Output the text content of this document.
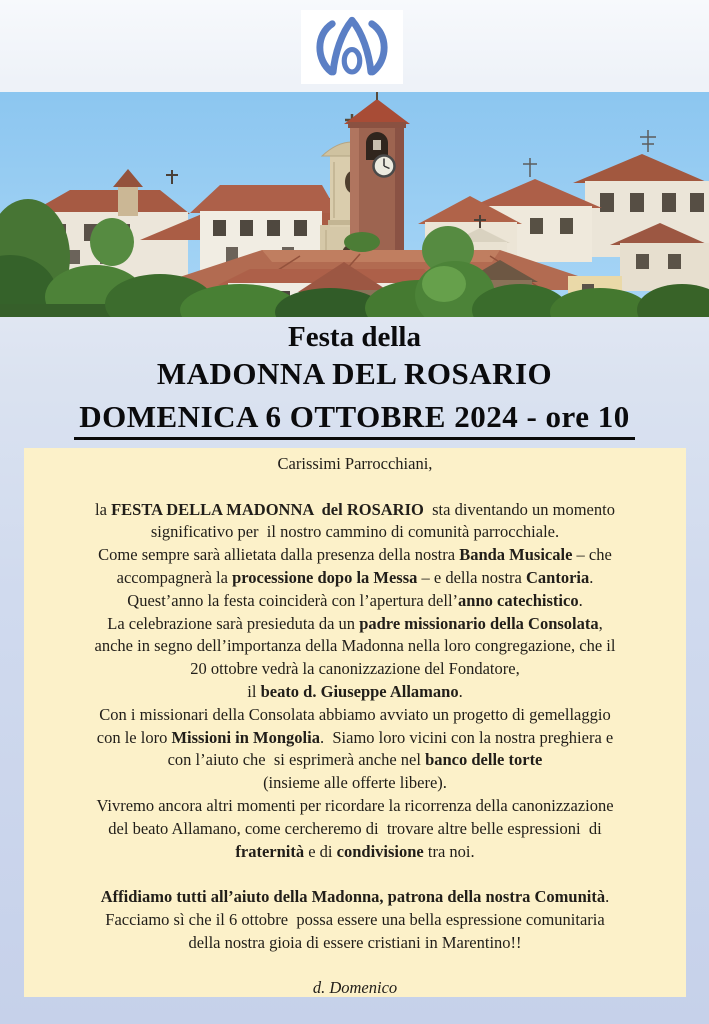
Festa della
MADONNA DEL ROSARIO
DOMENICA 6 OTTOBRE 2024 - ore 10
Carissimi Parrocchiani,

la FESTA DELLA MADONNA  del ROSARIO  sta diventando un momento
significativo per  il nostro cammino di comunità parrocchiale.
Come sempre sarà allietata dalla presenza della nostra Banda Musicale – che
accompagnerà la processione dopo la Messa – e della nostra Cantoria.
Quest’anno la festa coinciderà con l’apertura dell’anno catechistico.
La celebrazione sarà presieduta da un padre missionario della Consolata,
anche in segno dell’importanza della Madonna nella loro congregazione, che il
20 ottobre vedrà la canonizzazione del Fondatore,
il beato d. Giuseppe Allamano.
Con i missionari della Consolata abbiamo avviato un progetto di gemellaggio
con le loro Missioni in Mongolia.  Siamo loro vicini con la nostra preghiera e
con l’aiuto che  si esprimerà anche nel banco delle torte
(insieme alle offerte libere).
Vivremo ancora altri momenti per ricordare la ricorrenza della canonizzazione
del beato Allamano, come cercheremo di  trovare altre belle espressioni  di
fraternità e di condivisione tra noi.

Affidiamo tutti all’aiuto della Madonna, patrona della nostra Comunità.
Facciamo sì che il 6 ottobre  possa essere una bella espressione comunitaria
della nostra gioia di essere cristiani in Marentino!!

d. Domenico
